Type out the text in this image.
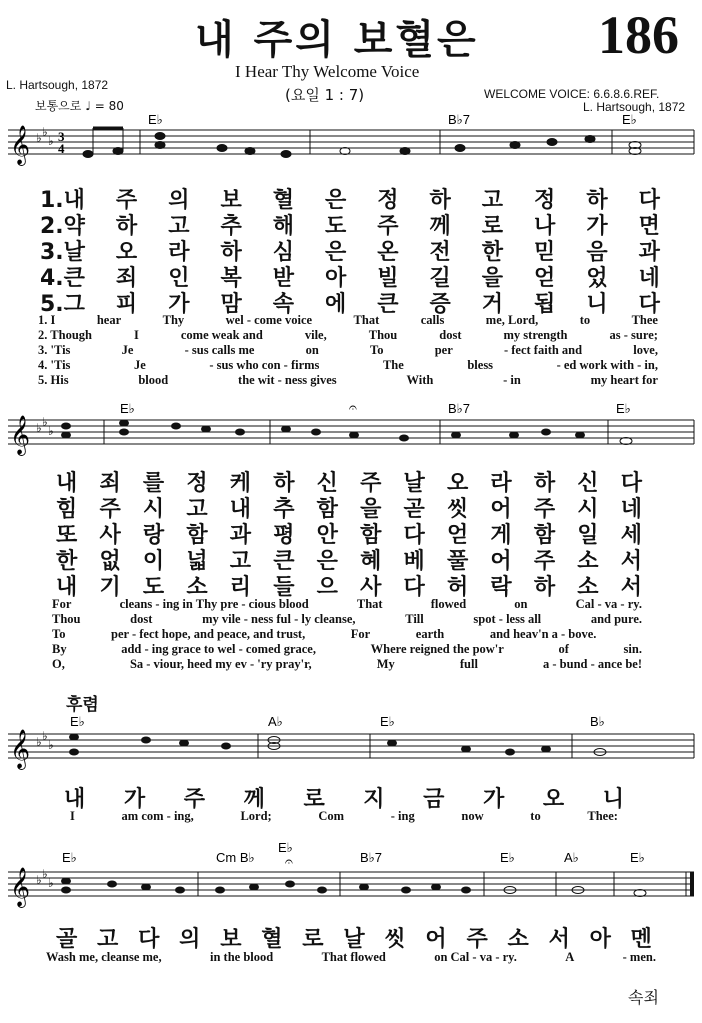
내 주의 보혈은 186
I Hear Thy Welcome Voice
(요일 1 : 7)
L. Hartsough, 1872
보통으로 ♩ = 80
WELCOME VOICE: 6.6.8.6.REF.
L. Hartsough, 1872
𝄞 ♭ ♭
♭ 3
4
E♭	B♭7	E♭
1.내 주 의 보 혈 은 정 하 고 정 하 다
2.약 하 고 추 해 도 주 께 로 나 가 면
3.날 오 라 하 심 은 온 전 한 믿 음 과
4.큰 죄 인 복 받 아 빌 길 을 얻 었 네
5.그 피 가 맘 속 에 큰 증 거 됩 니 다
1. I	hear	Thy	wel - come voice	That	calls	me, Lord,	to	Thee
2. Though	I	come weak and	vile,	Thou	dost	my strength	as - sure;
3. 'Tis	Je	- sus calls me	on	To	per	- fect faith and	love,
4. 'Tis	Je	- sus who con - firms	The	bless	- ed work with - in,
5. His	blood	the wit - ness gives	With	- in	my heart for
𝄞 ♭ ♭
♭
𝄐
E♭	B♭7	E♭
내 죄 를 정 케 하 신 주 날 오 라 하 신 다
힘 주 시 고 내 추 함 을 곧 씻 어 주 시 네
또 사 랑 함 과 평 안 함 다 얻 게 함 일 세
한 없 이 넓 고 큰 은 혜 베 풀 어 주 소 서
내 기 도 소 리 들 으 사 다 허 락 하 소 서
For	cleans - ing in Thy pre - cious blood	That	flowed	on	Cal - va - ry.
Thou	dost	my vile - ness ful - ly cleanse,	Till	spot - less all	and pure.
To	per - fect hope, and peace, and trust,	For	earth	and heav'n a - bove.
By	add - ing grace to wel - comed grace,	Where reigned the pow'r	of	sin.
O,	Sa - viour, heed my ev - 'ry pray'r,	My	full	a - bund - ance be!
후렴
𝄞 ♭ ♭
♭
E♭	A♭	E♭	B♭
내 가 주 께 로 지 금 가 오 니
I	am com - ing,	Lord;	Com	- ing	now	to	Thee:
𝄞 ♭ ♭
♭
𝄐
E♭	Cm B♭
E♭
B♭7	E♭	A♭	E♭
골 고 다 의 보 혈 로 날 씻 어 주 소 서 아 멘
Wash me, cleanse me,	in the blood	That flowed	on Cal - va - ry.	A	- men.
속죄
